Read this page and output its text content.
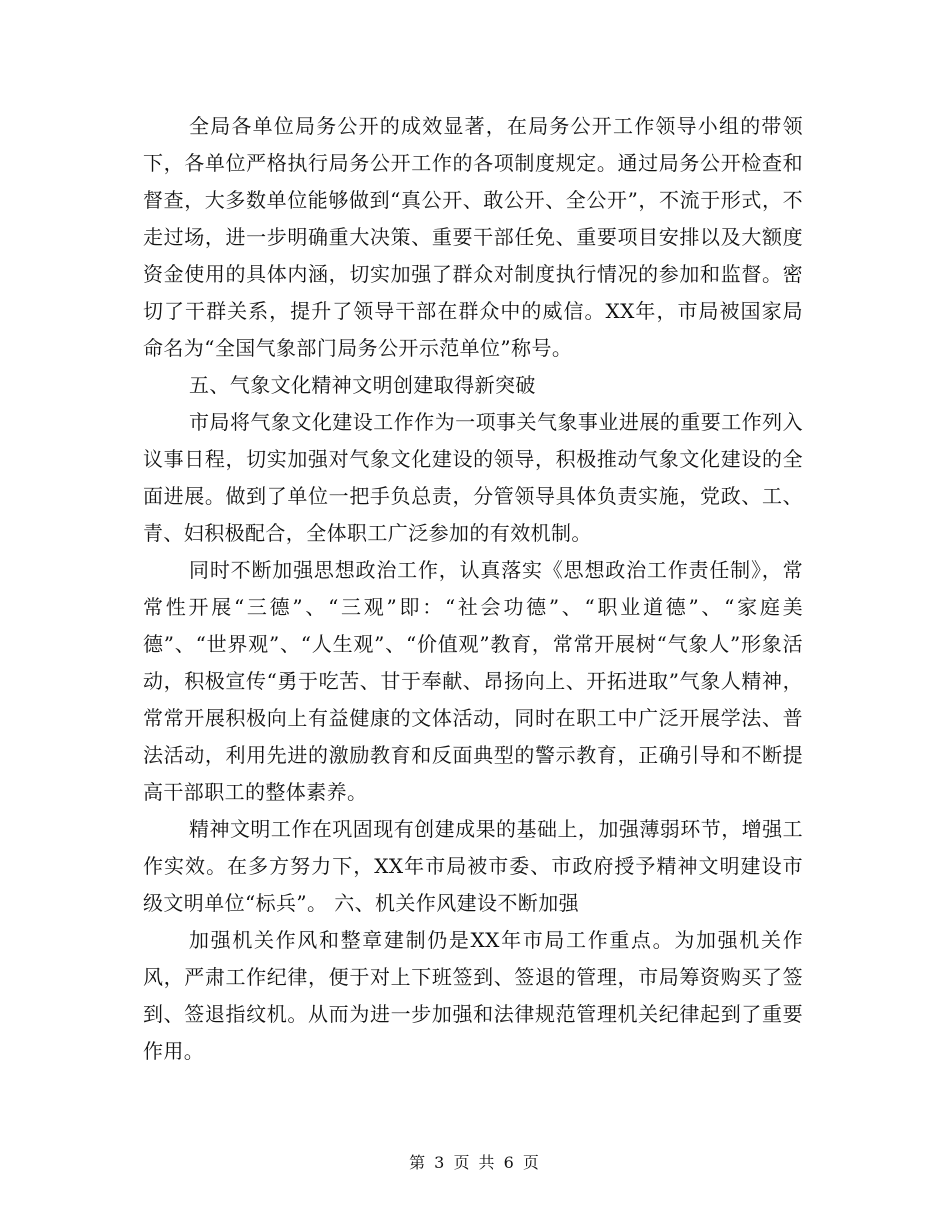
全局各单位局务公开的成效显著，在局务公开工作领导小组的带领下，各单位严格执行局务公开工作的各项制度规定。通过局务公开检查和督查，大多数单位能够做到“真公开、敢公开、全公开”，不流于形式，不走过场，进一步明确重大决策、重要干部任免、重要项目安排以及大额度资金使用的具体内涵，切实加强了群众对制度执行情况的参加和监督。密切了干群关系，提升了领导干部在群众中的威信。XX年，市局被国家局命名为“全国气象部门局务公开示范单位”称号。

五、气象文化精神文明创建取得新突破

市局将气象文化建设工作作为一项事关气象事业进展的重要工作列入议事日程，切实加强对气象文化建设的领导，积极推动气象文化建设的全面进展。做到了单位一把手负总责，分管领导具体负责实施，党政、工、青、妇积极配合，全体职工广泛参加的有效机制。

同时不断加强思想政治工作，认真落实《思想政治工作责任制》，常常性开展“三德”、“三观”即：“社会功德”、“职业道德”、“家庭美德”、“世界观”、“人生观”、“价值观”教育，常常开展树“气象人”形象活动，积极宣传“勇于吃苦、甘于奉献、昂扬向上、开拓进取”气象人精神，常常开展积极向上有益健康的文体活动，同时在职工中广泛开展学法、普法活动，利用先进的激励教育和反面典型的警示教育，正确引导和不断提高干部职工的整体素养。

精神文明工作在巩固现有创建成果的基础上，加强薄弱环节，增强工作实效。在多方努力下，XX年市局被市委、市政府授予精神文明建设市级文明单位“标兵”。 六、机关作风建设不断加强

加强机关作风和整章建制仍是XX年市局工作重点。为加强机关作风，严肃工作纪律，便于对上下班签到、签退的管理，市局筹资购买了签到、签退指纹机。从而为进一步加强和法律规范管理机关纪律起到了重要作用。

第 3 页 共 6 页
